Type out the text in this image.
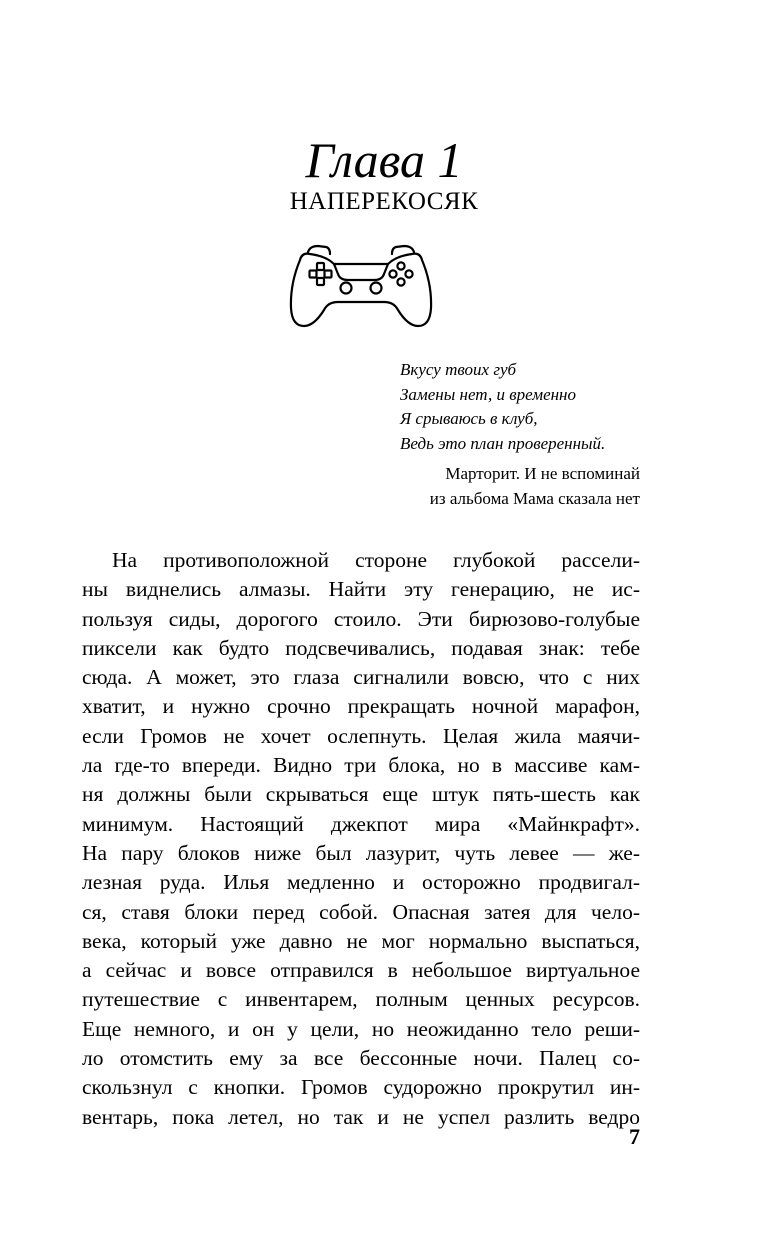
Глава 1
НАПЕРЕКОСЯК
Вкусу твоих губ
Замены нет, и временно
Я срываюсь в клуб,
Ведь это план проверенный.
Марторит. И не вспоминай
из альбома Мама сказала нет
На противоположной стороне глубокой рассели-
ны виднелись алмазы. Найти эту генерацию, не ис-
пользуя сиды, дорогого стоило. Эти бирюзово-голубые
пиксели как будто подсвечивались, подавая знак: тебе
сюда. А может, это глаза сигналили вовсю, что с них
хватит, и нужно срочно прекращать ночной марафон,
если Громов не хочет ослепнуть. Целая жила маячи-
ла где-то впереди. Видно три блока, но в массиве кам-
ня должны были скрываться еще штук пять-шесть как
минимум. Настоящий джекпот мира «Майнкрафт».
На пару блоков ниже был лазурит, чуть левее — же-
лезная руда. Илья медленно и осторожно продвигал-
ся, ставя блоки перед собой. Опасная затея для чело-
века, который уже давно не мог нормально выспаться,
а сейчас и вовсе отправился в небольшое виртуальное
путешествие с инвентарем, полным ценных ресурсов.
Еще немного, и он у цели, но неожиданно тело реши-
ло отомстить ему за все бессонные ночи. Палец со-
скользнул с кнопки. Громов судорожно прокрутил ин-
вентарь, пока летел, но так и не успел разлить ведро
7
